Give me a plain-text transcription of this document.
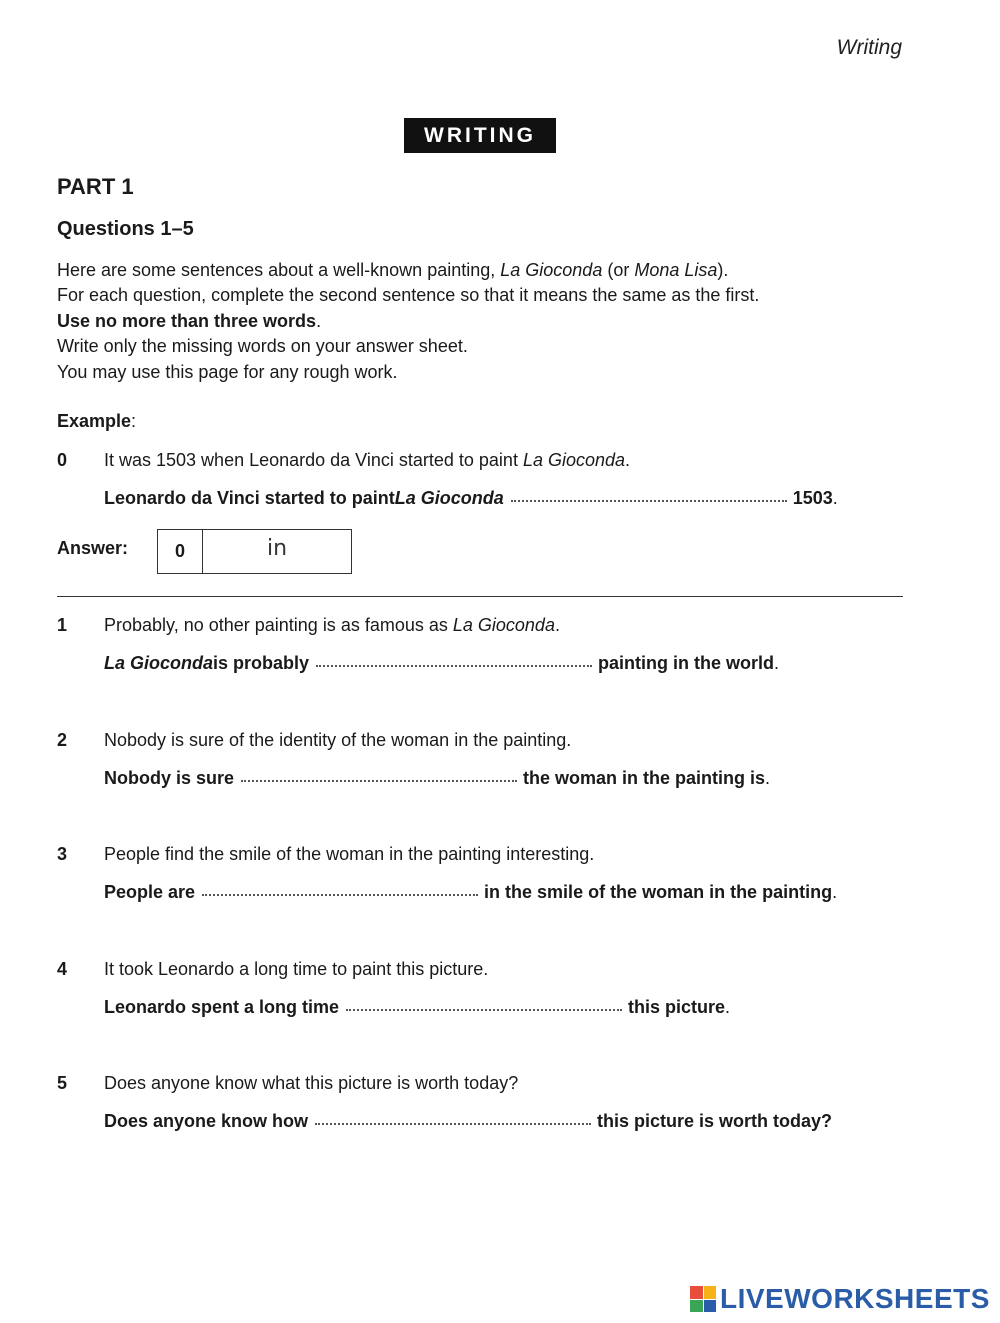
Writing
WRITING
PART 1
Questions 1–5
Here are some sentences about a well-known painting, La Gioconda (or Mona Lisa).
For each question, complete the second sentence so that it means the same as the first.
Use no more than three words.
Write only the missing words on your answer sheet.
You may use this page for any rough work.
Example:
0 It was 1503 when Leonardo da Vinci started to paint La Gioconda.
Leonardo da Vinci started to paint La Gioconda	1503 .
Answer:	0	in
1 Probably, no other painting is as famous as La Gioconda.
La Gioconda is probably	painting in the world .
2 Nobody is sure of the identity of the woman in the painting.
Nobody is sure	the woman in the painting is .
3 People find the smile of the woman in the painting interesting.
People are	in the smile of the woman in the painting .
4 It took Leonardo a long time to paint this picture.
Leonardo spent a long time	this picture .
5 Does anyone know what this picture is worth today?
Does anyone know how	this picture is worth today?
LIVEWORKSHEETS
